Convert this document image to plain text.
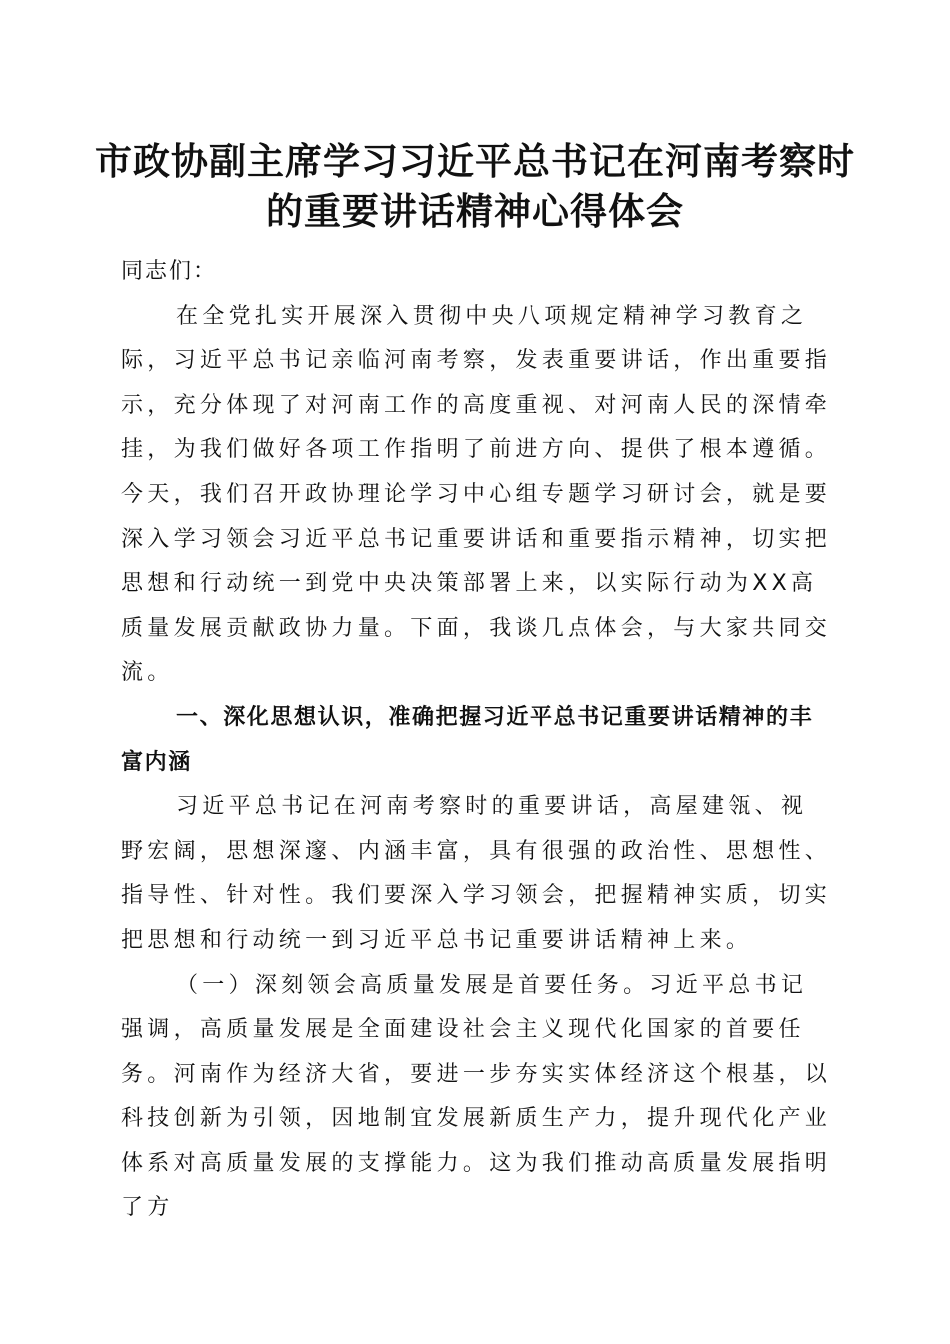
市政协副主席学习习近平总书记在河南考察时
的重要讲话精神心得体会

同志们：

在全党扎实开展深入贯彻中央八项规定精神学习教育之际，习近平总书记亲临河南考察，发表重要讲话，作出重要指示，充分体现了对河南工作的高度重视、对河南人民的深情牵挂，为我们做好各项工作指明了前进方向、提供了根本遵循。今天，我们召开政协理论学习中心组专题学习研讨会，就是要深入学习领会习近平总书记重要讲话和重要指示精神，切实把思想和行动统一到党中央决策部署上来，以实际行动为XX高质量发展贡献政协力量。下面，我谈几点体会，与大家共同交流。

一、深化思想认识，准确把握习近平总书记重要讲话精神的丰富内涵

习近平总书记在河南考察时的重要讲话，高屋建瓴、视野宏阔，思想深邃、内涵丰富，具有很强的政治性、思想性、指导性、针对性。我们要深入学习领会，把握精神实质，切实把思想和行动统一到习近平总书记重要讲话精神上来。

（一）深刻领会高质量发展是首要任务。习近平总书记强调，高质量发展是全面建设社会主义现代化国家的首要任务。河南作为经济大省，要进一步夯实实体经济这个根基，以科技创新为引领，因地制宜发展新质生产力，提升现代化产业体系对高质量发展的支撑能力。这为我们推动高质量发展指明了方
